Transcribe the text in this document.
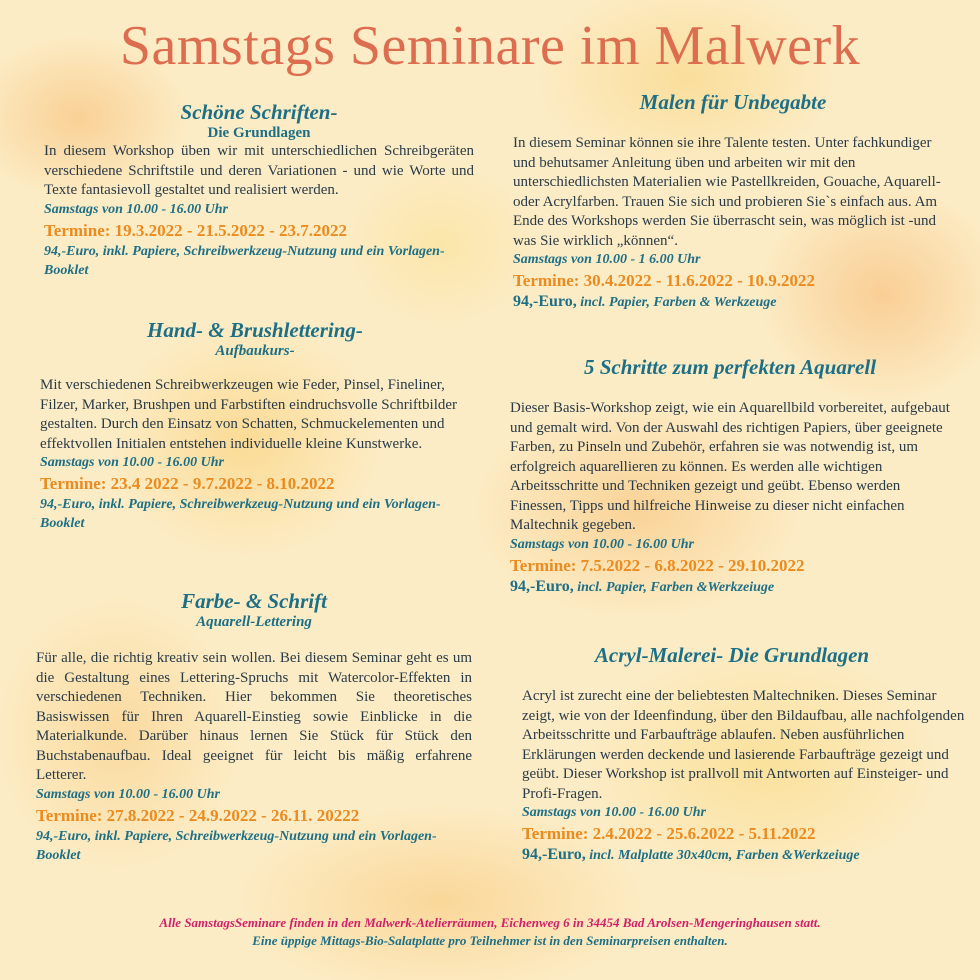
Samstags Seminare im Malwerk
Schöne Schriften-
Die Grundlagen
In diesem Workshop üben wir mit unterschiedlichen Schreibgeräten verschiedene Schriftstile und deren Variationen - und wie Worte und Texte fantasievoll gestaltet und realisiert werden.
Samstags von 10.00 - 16.00 Uhr
Termine: 19.3.2022 - 21.5.2022 - 23.7.2022
94,-Euro, inkl. Papiere, Schreibwerkzeug-Nutzung und ein Vorlagen-Booklet
Hand- & Brushlettering-
Aufbaukurs-
Mit verschiedenen Schreibwerkzeugen wie Feder, Pinsel, Fineliner, Filzer, Marker, Brushpen und Farbstiften eindruchsvolle Schriftbilder gestalten. Durch den Einsatz von Schatten, Schmuckelementen und effektvollen Initialen entstehen individuelle kleine Kunstwerke.
Samstags von 10.00 - 16.00 Uhr
Termine: 23.4 2022 - 9.7.2022 - 8.10.2022
94,-Euro, inkl. Papiere, Schreibwerkzeug-Nutzung und ein Vorlagen-Booklet
Farbe- & Schrift
Aquarell-Lettering
Für alle, die richtig kreativ sein wollen. Bei diesem Seminar geht es um die Gestaltung eines Lettering-Spruchs mit Watercolor-Effekten in verschiedenen Techniken. Hier bekommen Sie theoretisches Basiswissen für Ihren Aquarell-Einstieg sowie Einblicke in die Materialkunde. Darüber hinaus lernen Sie Stück für Stück den Buchstabenaufbau. Ideal geeignet für leicht bis mäßig erfahrene Letterer.
Samstags von 10.00 - 16.00 Uhr
Termine: 27.8.2022 - 24.9.2022 - 26.11. 20222
94,-Euro, inkl. Papiere, Schreibwerkzeug-Nutzung und ein Vorlagen-Booklet
Malen für Unbegabte
In diesem Seminar können sie ihre Talente testen. Unter fachkundiger und behutsamer Anleitung üben und arbeiten wir mit den unterschiedlichsten Materialien wie Pastellkreiden, Gouache, Aquarell- oder Acrylfarben. Trauen Sie sich und probieren Sie`s einfach aus. Am Ende des Workshops werden Sie überrascht sein, was möglich ist -und was Sie wirklich „können“.
Samstags von 10.00 - 1 6.00 Uhr
Termine: 30.4.2022 - 11.6.2022 - 10.9.2022
94,-Euro, incl. Papier, Farben & Werkzeuge
5 Schritte zum perfekten Aquarell
Dieser Basis-Workshop zeigt, wie ein Aquarellbild vorbereitet, aufgebaut und gemalt wird. Von der Auswahl des richtigen Papiers, über geeignete Farben, zu Pinseln und Zubehör, erfahren sie was notwendig ist, um erfolgreich aquarellieren zu können. Es werden alle wichtigen Arbeitsschritte und Techniken gezeigt und geübt. Ebenso werden Finessen, Tipps und hilfreiche Hinweise zu dieser nicht einfachen Maltechnik gegeben.
Samstags von 10.00 - 16.00 Uhr
Termine: 7.5.2022 - 6.8.2022 - 29.10.2022
94,-Euro, incl. Papier, Farben &Werkzeiuge
Acryl-Malerei- Die Grundlagen
Acryl ist zurecht eine der beliebtesten Maltechniken. Dieses Seminar zeigt, wie von der Ideenfindung, über den Bildaufbau, alle nachfolgenden Arbeitsschritte und Farbaufträge ablaufen. Neben ausführlichen Erklärungen werden deckende und lasierende Farbaufträge gezeigt und geübt. Dieser Workshop ist prallvoll mit Antworten auf Einsteiger- und Profi-Fragen.
Samstags von 10.00 - 16.00 Uhr
Termine: 2.4.2022 - 25.6.2022 - 5.11.2022
94,-Euro, incl. Malplatte 30x40cm, Farben &Werkzeiuge
Alle SamstagsSeminare finden in den Malwerk-Atelierräumen, Eichenweg 6 in 34454 Bad Arolsen-Mengeringhausen statt.
Eine üppige Mittags-Bio-Salatplatte pro Teilnehmer ist in den Seminarpreisen enthalten.
